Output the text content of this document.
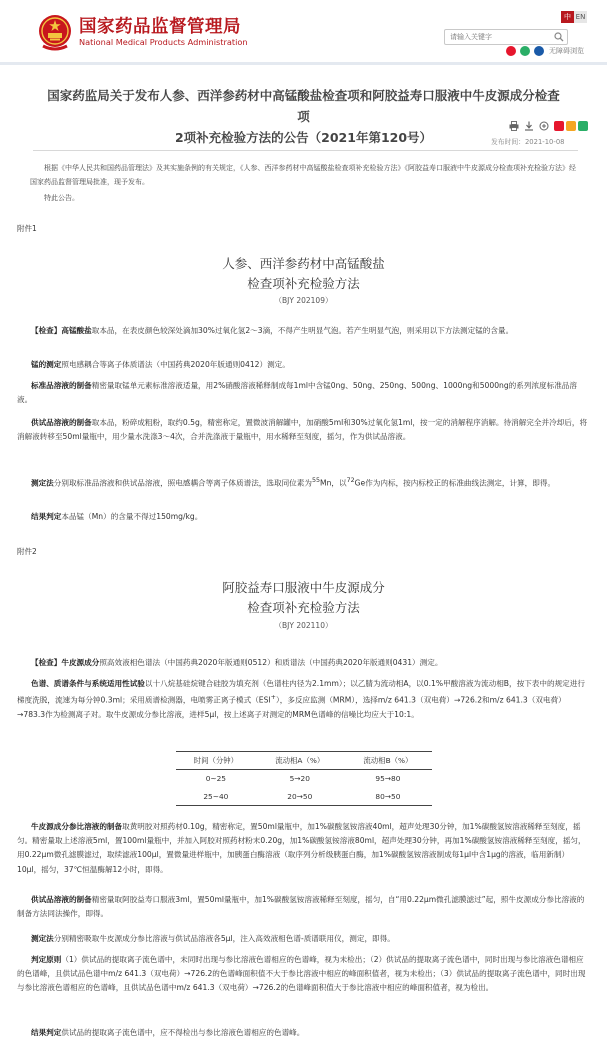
国家药品监督管理局
National Medical Products Administration
中 EN
请输入关键字
无障碍浏览
国家药监局关于发布人参、西洋参药材中高锰酸盐检查项和阿胶益寿口服液中牛皮源成分检查项
2项补充检验方法的公告（2021年第120号）	发布时间：2021-10-08
根据《中华人民共和国药品管理法》及其实施条例的有关规定，《人参、西洋参药材中高锰酸盐检查项补充检验方法》《阿胶益寿口服液中牛皮源成分检查项补充检验方法》经国家药品监督管理局批准，现予发布。
特此公告。
附件1
人参、西洋参药材中高锰酸盐
检查项补充检验方法
（BJY 202109）
【检查】高锰酸盐取本品，在表皮颜色较深处滴加30%过氧化氢2～3滴，不得产生明显气泡。若产生明显气泡，则采用以下方法测定锰的含量。
锰的测定照电感耦合等离子体质谱法（中国药典2020年版通则0412）测定。
标准品溶液的制备精密量取锰单元素标准溶液适量，用2%硝酸溶液稀释制成每1ml中含锰0ng、50ng、250ng、500ng、1000ng和5000ng的系列浓度标准品溶液。
供试品溶液的制备取本品，粉碎成粗粉，取约0.5g，精密称定，置微波消解罐中，加硝酸5ml和30%过氧化氢1ml，按一定的消解程序消解。待消解完全并冷却后，将消解液转移至50ml量瓶中，用少量水洗涤3～4次，合并洗涤液于量瓶中，用水稀释至刻度，摇匀，作为供试品溶液。
测定法分别取标准品溶液和供试品溶液，照电感耦合等离子体质谱法，选取同位素为$^{55}$Mn，以$^{72}$Ge作为内标，按内标校正的标准曲线法测定，计算，即得。
结果判定本品锰（Mn）的含量不得过150mg/kg。
附件2
阿胶益寿口服液中牛皮源成分
检查项补充检验方法
（BJY 202110）
【检查】牛皮源成分照高效液相色谱法（中国药典2020年版通则0512）和质谱法（中国药典2020年版通则0431）测定。
色谱、质谱条件与系统适用性试验以十八烷基硅烷键合硅胶为填充剂（色谱柱内径为2.1mm）；以乙腈为流动相A，以0.1%甲酸溶液为流动相B，按下表中的规定进行梯度洗脱，流速为每分钟0.3ml；采用质谱检测器，电喷雾正离子模式（ESI+），多反应监测（MRM），选择m/z 641.3（双电荷）→726.2和m/z 641.3（双电荷）→783.3作为检测离子对。取牛皮源成分参比溶液，进样5μl，按上述离子对测定的MRM色谱峰的信噪比均应大于10:1。
时间（分钟）	流动相A（%）	流动相B（%）
0~25	5→20	95→80
25~40	20→50	80→50
牛皮源成分参比溶液的制备取黄明胶对照药材0.10g，精密称定，置50ml量瓶中，加1%碳酸氢铵溶液40ml，超声处理30分钟，加1%碳酸氢铵溶液稀释至刻度，摇匀。精密量取上述溶液5ml，置100ml量瓶中，并加入阿胶对照药材粉末0.20g，加1%碳酸氢铵溶液80ml，超声处理30分钟，再加1%碳酸氢铵溶液稀释至刻度，摇匀，用0.22μm微孔滤膜滤过，取续滤液100μl，置微量进样瓶中，加胰蛋白酶溶液（取序列分析级胰蛋白酶，加1%碳酸氢铵溶液制成每1μl中含1μg的溶液，临用新制）10μl，摇匀，37℃恒温酶解12小时，即得。
供试品溶液的制备精密量取阿胶益寿口服液3ml，置50ml量瓶中，加1%碳酸氢铵溶液稀释至刻度，摇匀，自“用0.22μm微孔滤膜滤过”起，照牛皮源成分参比溶液的制备方法同法操作，即得。
测定法分别精密吸取牛皮源成分参比溶液与供试品溶液各5μl，注入高效液相色谱-质谱联用仪，测定，即得。
判定原则（1）供试品的提取离子流色谱中，未同时出现与参比溶液色谱相应的色谱峰，视为未检出；（2）供试品的提取离子流色谱中，同时出现与参比溶液色谱相应的色谱峰，且供试品色谱中m/z 641.3（双电荷）→726.2的色谱峰面积值不大于参比溶液中相应的峰面积值者，视为未检出；（3）供试品的提取离子流色谱中，同时出现与参比溶液色谱相应的色谱峰，且供试品色谱中m/z 641.3（双电荷）→726.2的色谱峰面积值大于参比溶液中相应的峰面积值者，视为检出。
结果判定供试品的提取离子流色谱中，应不得检出与参比溶液色谱相应的色谱峰。
